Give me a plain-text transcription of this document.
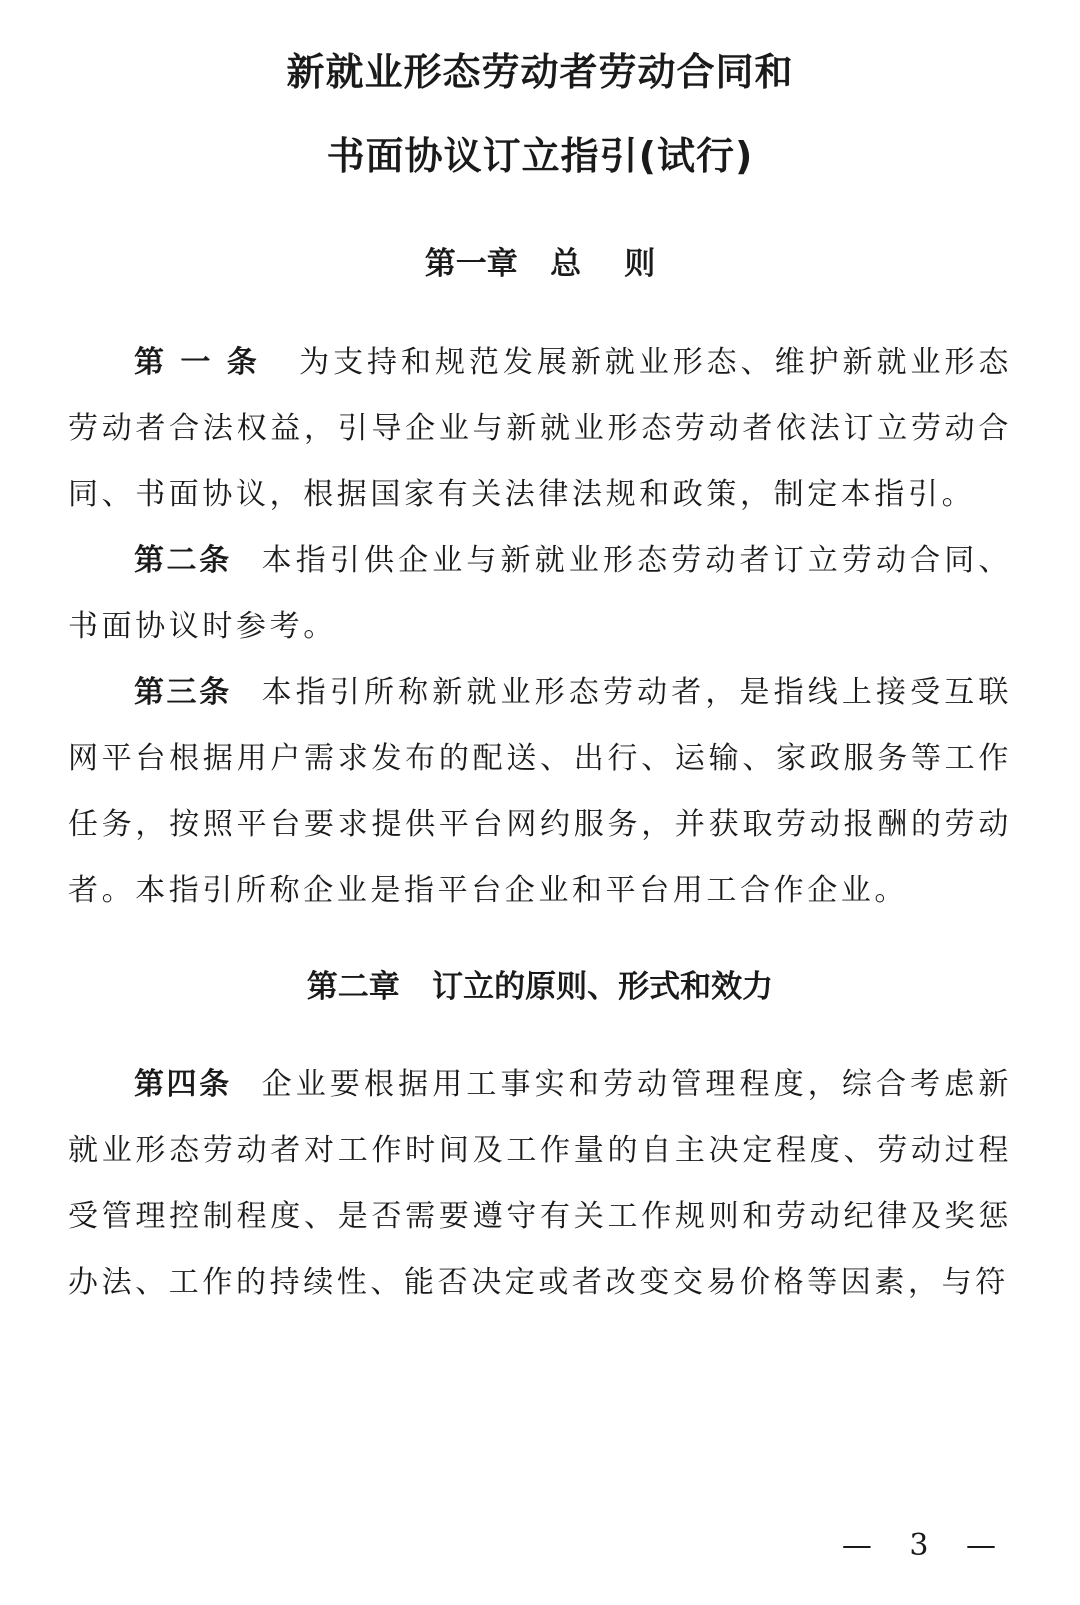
新就业形态劳动者劳动合同和
书面协议订立指引(试行)
第一章   总    则

第一条 为支持和规范发展新就业形态、维护新就业形态劳动者合法权益，引导企业与新就业形态劳动者依法订立劳动合同、书面协议，根据国家有关法律法规和政策，制定本指引。

第二条 本指引供企业与新就业形态劳动者订立劳动合同、书面协议时参考。

第三条 本指引所称新就业形态劳动者，是指线上接受互联网平台根据用户需求发布的配送、出行、运输、家政服务等工作任务，按照平台要求提供平台网约服务，并获取劳动报酬的劳动者。本指引所称企业是指平台企业和平台用工合作企业。

第二章   订立的原则、形式和效力

第四条 企业要根据用工事实和劳动管理程度，综合考虑新就业形态劳动者对工作时间及工作量的自主决定程度、劳动过程受管理控制程度、是否需要遵守有关工作规则和劳动纪律及奖惩办法、工作的持续性、能否决定或者改变交易价格等因素，与符

— 3 —
